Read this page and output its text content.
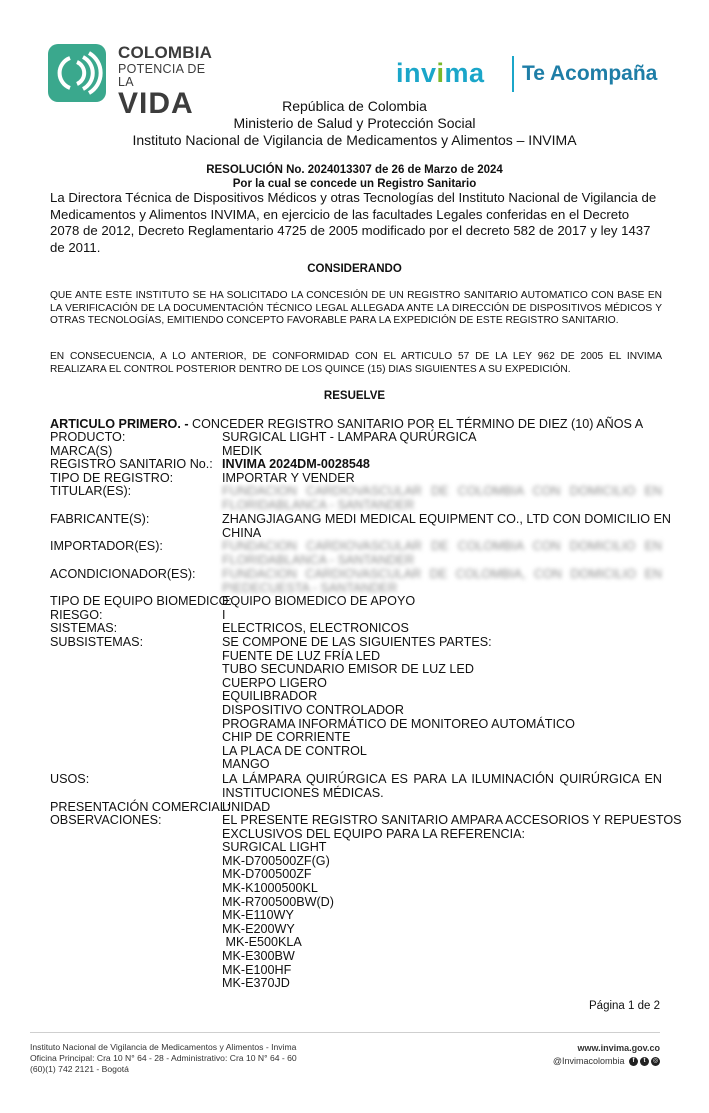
COLOMBIA
POTENCIA DE LA
VIDA
invima Te Acompaña
República de Colombia
Ministerio de Salud y Protección Social
Instituto Nacional de Vigilancia de Medicamentos y Alimentos – INVIMA
RESOLUCIÓN No. 2024013307 de 26 de Marzo de 2024
Por la cual se concede un Registro Sanitario
La Directora Técnica de Dispositivos Médicos y otras Tecnologías del Instituto Nacional de Vigilancia de
Medicamentos y Alimentos INVIMA, en ejercicio de las facultades Legales conferidas en el Decreto
2078 de 2012, Decreto Reglamentario 4725 de 2005 modificado por el decreto 582 de 2017 y ley 1437
de 2011.
CONSIDERANDO
QUE ANTE ESTE INSTITUTO SE HA SOLICITADO LA CONCESIÓN DE UN REGISTRO SANITARIO AUTOMATICO CON BASE EN LA VERIFICACIÓN DE LA DOCUMENTACIÓN TÉCNICO LEGAL ALLEGADA ANTE LA DIRECCIÓN DE DISPOSITIVOS MÉDICOS Y OTRAS TECNOLOGÍAS, EMITIENDO CONCEPTO FAVORABLE PARA LA EXPEDICIÓN DE ESTE REGISTRO SANITARIO.
EN CONSECUENCIA, A LO ANTERIOR, DE CONFORMIDAD CON EL ARTICULO 57 DE LA LEY 962 DE 2005 EL INVIMA REALIZARA EL CONTROL POSTERIOR DENTRO DE LOS QUINCE (15) DIAS SIGUIENTES A SU EXPEDICIÓN.
RESUELVE
ARTICULO PRIMERO. - CONCEDER REGISTRO SANITARIO POR EL TÉRMINO DE DIEZ (10) AÑOS A
PRODUCTO:	SURGICAL LIGHT - LAMPARA QURÚRGICA
MARCA(S)	MEDIK
REGISTRO SANITARIO No.: INVIMA 2024DM-0028548
TIPO DE REGISTRO:	IMPORTAR Y VENDER
TITULAR(ES):	FUNDACION CARDIOVASCULAR DE COLOMBIA CON DOMICILIO EN
FLORIDABLANCA - SANTANDER
FABRICANTE(S):	ZHANGJIAGANG MEDI MEDICAL EQUIPMENT CO., LTD CON DOMICILIO EN
CHINA
IMPORTADOR(ES):	FUNDACION CARDIOVASCULAR DE COLOMBIA CON DOMICILIO EN
FLORIDABLANCA - SANTANDER
ACONDICIONADOR(ES): FUNDACION CARDIOVASCULAR DE COLOMBIA, CON DOMICILIO EN
PIEDECUESTA - SANTANDER
TIPO DE EQUIPO BIOMEDICO:
EQUIPO BIOMEDICO DE APOYO
RIESGO:	I
SISTEMAS:	ELECTRICOS, ELECTRONICOS
SUBSISTEMAS:	SE COMPONE DE LAS SIGUIENTES PARTES:
FUENTE DE LUZ FRÍA LED
TUBO SECUNDARIO EMISOR DE LUZ LED
CUERPO LIGERO
EQUILIBRADOR
DISPOSITIVO CONTROLADOR
PROGRAMA INFORMÁTICO DE MONITOREO AUTOMÁTICO
CHIP DE CORRIENTE
LA PLACA DE CONTROL
MANGO
USOS:	LA LÁMPARA QUIRÚRGICA ES PARA LA ILUMINACIÓN QUIRÚRGICA EN
INSTITUCIONES MÉDICAS.
PRESENTACIÓN COMERCIAL:
UNIDAD
OBSERVACIONES:	EL PRESENTE REGISTRO SANITARIO AMPARA ACCESORIOS Y REPUESTOS
EXCLUSIVOS DEL EQUIPO PARA LA REFERENCIA:
SURGICAL LIGHT
MK-D700500ZF(G)
MK-D700500ZF
MK-K1000500KL
MK-R700500BW(D)
MK-E110WY
MK-E200WY
MK-E500KLA
MK-E300BW
MK-E100HF
MK-E370JD
Página 1 de 2
Instituto Nacional de Vigilancia de Medicamentos y Alimentos - Invima
Oficina Principal: Cra 10 N° 64 - 28 - Administrativo: Cra 10 N° 64 - 60
(60)(1) 742 2121 - Bogotá
www.invima.gov.co
@Invimacolombia f t ◎
